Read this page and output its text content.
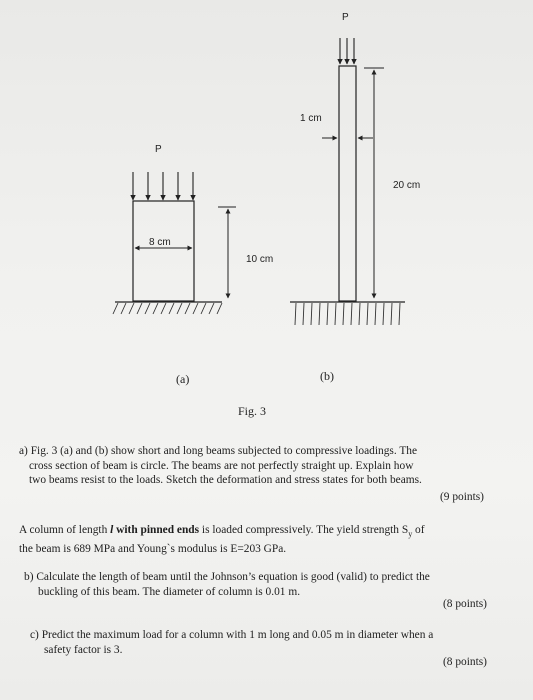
P
8 cm
10 cm
(a)
P
1 cm
20 cm
(b)
Fig. 3
a) Fig. 3 (a) and (b) show short and long beams subjected to compressive loadings. The
cross section of beam is circle. The beams are not perfectly straight up. Explain how
two beams resist to the loads. Sketch the deformation and stress states for both beams.
(9 points)
A column of length l with pinned ends is loaded compressively. The yield strength $S_y$ of
the beam is 689 MPa and Young`s modulus is E=203 GPa.
b) Calculate the length of beam until the Johnson’s equation is good (valid) to predict the
buckling of this beam. The diameter of column is 0.01 m.
(8 points)
c) Predict the maximum load for a column with 1 m long and 0.05 m in diameter when a
safety factor is 3.
(8 points)
